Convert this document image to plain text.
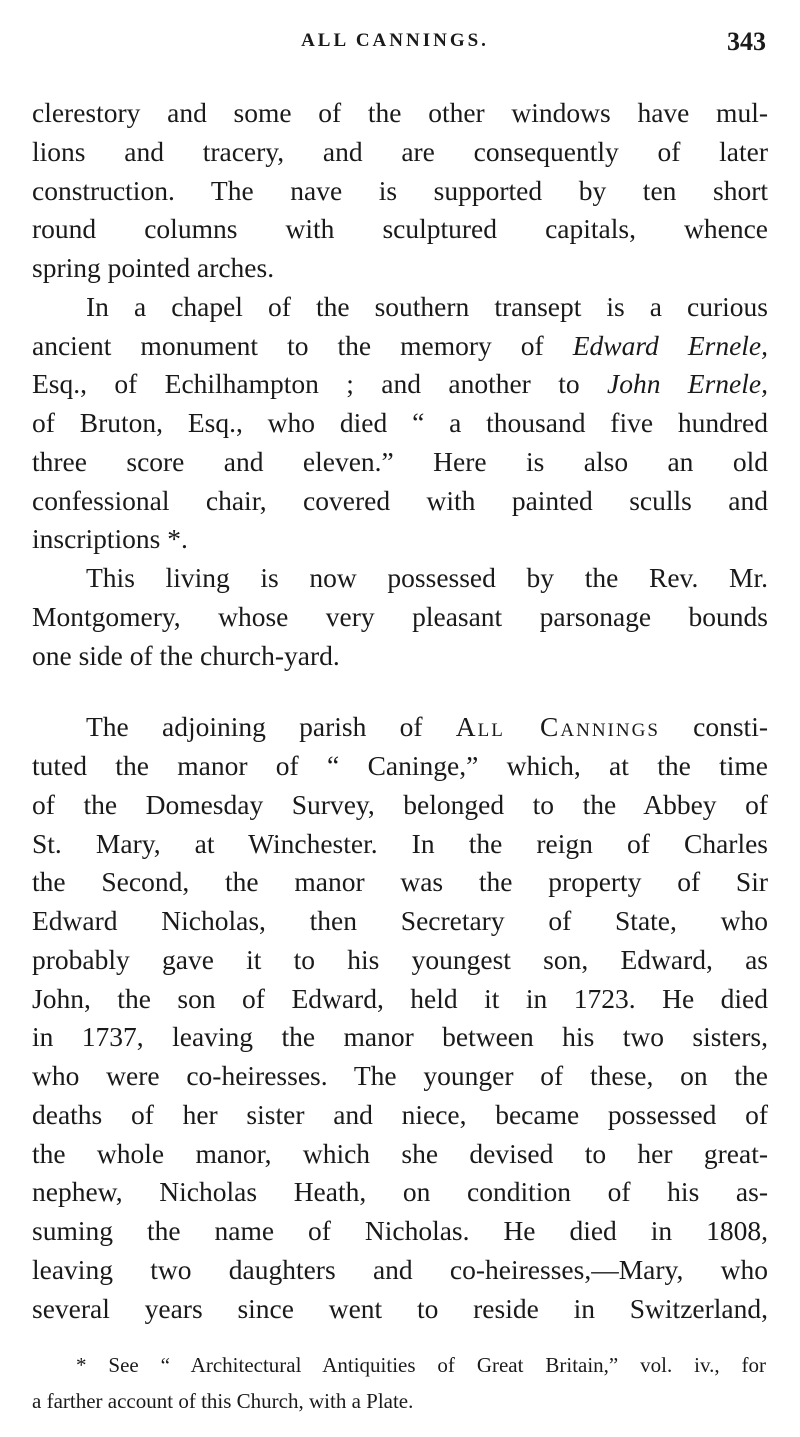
ALL CANNINGS.	343
clerestory and some of the other windows have mul-
lions and tracery, and are consequently of later
construction. The nave is supported by ten short
round columns with sculptured capitals, whence
spring pointed arches.
In a chapel of the southern transept is a curious
ancient monument to the memory of Edward Ernele,
Esq., of Echilhampton ; and another to John Ernele,
of Bruton, Esq., who died “ a thousand five hundred
three score and eleven.” Here is also an old
confessional chair, covered with painted sculls and
inscriptions *.
This living is now possessed by the Rev. Mr.
Montgomery, whose very pleasant parsonage bounds
one side of the church-yard.
The adjoining parish of All Cannings consti-
tuted the manor of “ Caninge,” which, at the time
of the Domesday Survey, belonged to the Abbey of
St. Mary, at Winchester. In the reign of Charles
the Second, the manor was the property of Sir
Edward Nicholas, then Secretary of State, who
probably gave it to his youngest son, Edward, as
John, the son of Edward, held it in 1723. He died
in 1737, leaving the manor between his two sisters,
who were co-heiresses. The younger of these, on the
deaths of her sister and niece, became possessed of
the whole manor, which she devised to her great-
nephew, Nicholas Heath, on condition of his as-
suming the name of Nicholas. He died in 1808,
leaving two daughters and co-heiresses,—Mary, who
several years since went to reside in Switzerland,
* See “ Architectural Antiquities of Great Britain,” vol. iv., for
a farther account of this Church, with a Plate.
